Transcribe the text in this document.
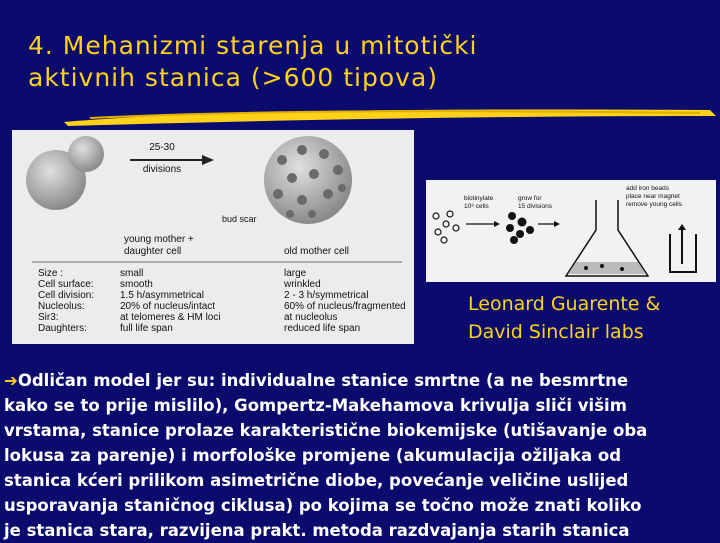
4. Mehanizmi starenja u mitotički
aktivnih stanica (>600 tipova)
25-30
divisions
bud scar
young mother +
daughter cell	old mother cell
Size :	small	large
Cell surface:	smooth	wrinkled
Cell division:	1.5 h/asymmetrical	2 - 3 h/symmetrical
Nucleolus:	20% of nucleus/intact	60% of nucleus/fragmented
Sir3:	at telomeres & HM loci	at nucleolus
Daughters:	full life span	reduced life span
biotinylate
10⁸ cells
grow for
15 divisions
add iron beads
place near magnet
remove young cells
Leonard Guarente &
David Sinclair labs
➔Odličan model jer su: individualne stanice smrtne (a ne besmrtne
kako se to prije mislilo), Gompertz-Makehamova krivulja sliči višim
vrstama, stanice prolaze karakteristične biokemijske (utišavanje oba
lokusa za parenje) i morfološke promjene (akumulacija ožiljaka od
stanica kćeri prilikom asimetrične diobe, povećanje veličine uslijed
usporavanja staničnog ciklusa) po kojima se točno može znati koliko
je stanica stara, razvijena prakt. metoda razdvajanja starih stanica
